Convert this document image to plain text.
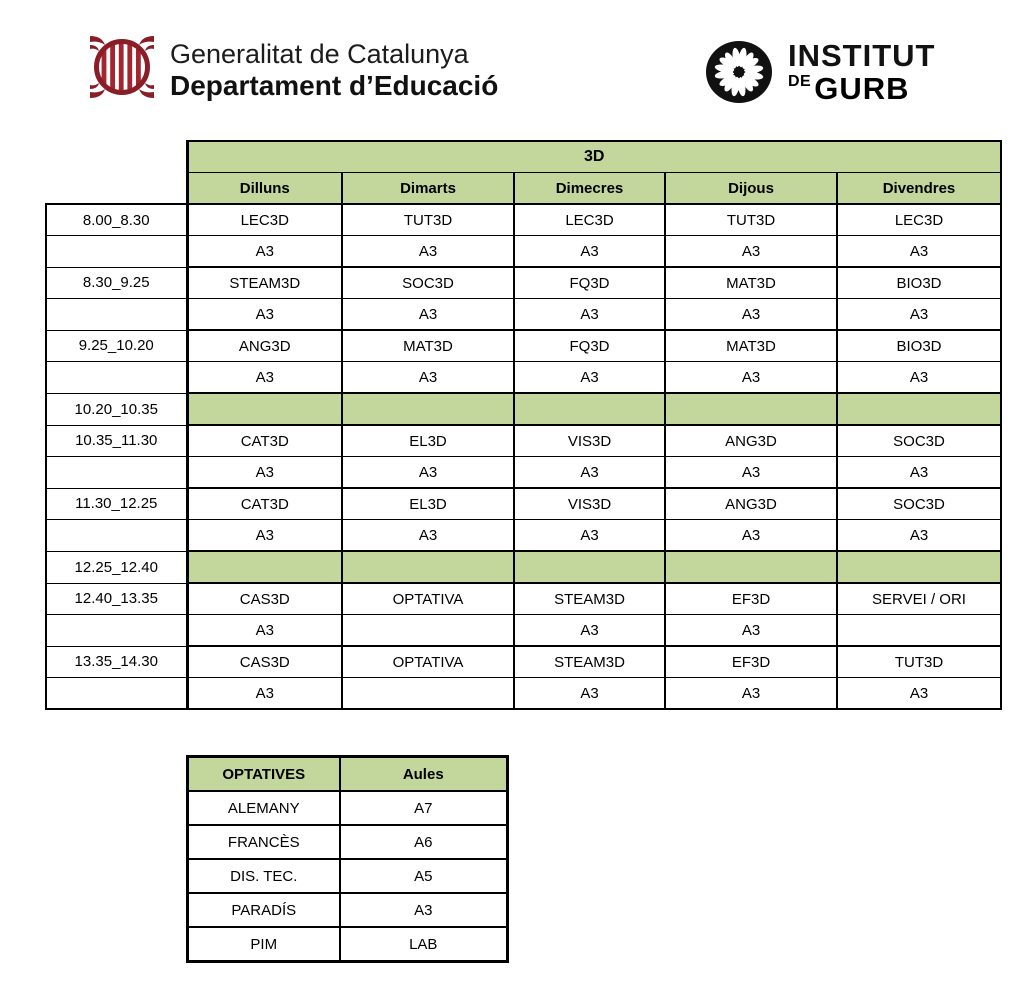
Generalitat de Catalunya
Departament d’Educació
INSTITUT
DE GURB
	3D				
	Dilluns	Dimarts	Dimecres	Dijous	Divendres
8.00_8.30	LEC3D	TUT3D	LEC3D	TUT3D	LEC3D
	A3	A3	A3	A3	A3
8.30_9.25	STEAM3D	SOC3D	FQ3D	MAT3D	BIO3D
	A3	A3	A3	A3	A3
9.25_10.20	ANG3D	MAT3D	FQ3D	MAT3D	BIO3D
	A3	A3	A3	A3	A3
10.20_10.35					
10.35_11.30	CAT3D	EL3D	VIS3D	ANG3D	SOC3D
	A3	A3	A3	A3	A3
11.30_12.25	CAT3D	EL3D	VIS3D	ANG3D	SOC3D
	A3	A3	A3	A3	A3
12.25_12.40					
12.40_13.35	CAS3D	OPTATIVA	STEAM3D	EF3D	SERVEI / ORI
	A3		A3	A3	
13.35_14.30	CAS3D	OPTATIVA	STEAM3D	EF3D	TUT3D
	A3		A3	A3	A3
OPTATIVES	Aules
ALEMANY	A7
FRANCÈS	A6
DIS. TEC.	A5
PARADÍS	A3
PIM	LAB
